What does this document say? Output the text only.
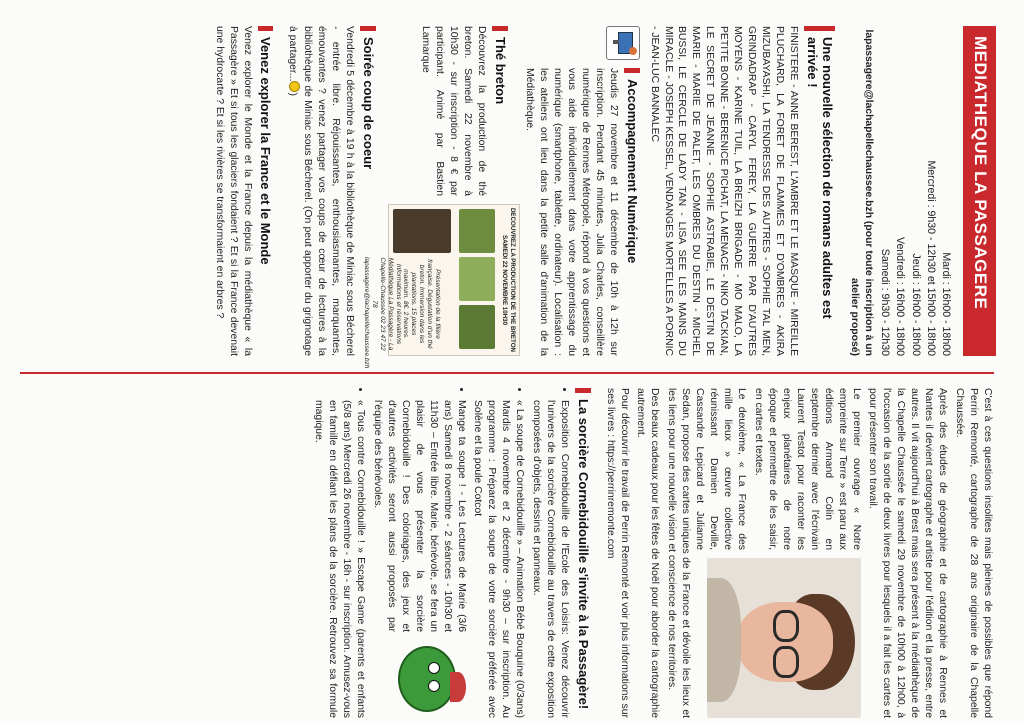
MEDIATHEQUE LA PASSAGERE
Mardi : 16h00 - 18h00
Mercredi : 9h30 - 12h30 et 15h00 - 18h00
Jeudi : 16h00 - 18h00
Vendredi : 16h00 - 18h00
Samedi : 9h30 - 12h30
lapassagere@lachapellechaussee.bzh (pour toute inscription à un atelier proposé)
Une nouvelle sélection de romans adultes est arrivée !

FINISTERE - ANNE BEREST, L'AMBRE ET LE MASQUE - MIREILLE PLUCHARD, LA FORET DE FLAMMES ET D'OMBRES - AKIRA MIZUBAYASHI, LA TENDRESSE DES AUTRES - SOPHIE TAL MEN, GRINDADRAP - CARYL FEREY, LA GUERRE PAR D'AUTRES MOYENS - KARINE TUIL, LA BREIZH BRIGADE - MO MALO, LA PETITE BONNE - BERENICE PICHAT, LA MENACE - NIKO TACKIAN, LE SECRET DE JEANNE - SOPHIE ASTRABIE, LE DESTIN DE MARIE - MARIE DE PALET, LES OMBRES DU DESTIN - MICHEL BUSSI, LE CERCLE DE LADY TAN - LISA SEE LES MAINS DU MIRACLE - JOSEPH KESSEL, VENDANGES MORTELLES A PORNIC - JEAN-LUC BANNALEC

Accompagnement Numérique

Jeudis 27 novembre et 11 décembre de 10h à 12h sur inscription. Pendant 45 minutes, Julia Charles, conseillère numérique de Rennes Métropole, répond à vos questions et vous aide individuellement dans votre apprentissage du numérique (smartphone, tablette, ordinateur). Localisation : les ateliers ont lieu dans la petite salle d'animation de la Médiathèque.

Thé breton

Découvrez la production de thé breton. Samedi 22 novembre à 10h30 - sur inscription - 8 € par participant. Animé par Bastien Lamarque

DECOUVREZ LA PRODUCTION DE THE BRETON SAMEDI 22 NOVEMBRE 10H30
Présentation de la filière française. Dégustation d'un thé breton. Immersion dans les plantations. 15 places maximum. 8€. 2 heures. Informations et réservations Médiathèque La Passagère - La Chapelle-Chaussée 02 23 47 22 78 lapassagere@lachapellechaussee.bzh
Soirée coup de coeur

Vendredi 5 décembre à 19 h à la bibliothèque de Miniac sous Bécherel - entrée libre. Réjouissantes, enthousiasmantes, marquantes, émouvantes ? venez partager vos coups de cœur de lectures à la bibliothèque de Miniac sous Bécherel. (On peut apporter du grignotage à partager...)

Venez explorer la France et le Monde

Venez explorer le Monde et la France depuis la médiathèque « la Passagère » Et si tous les glaciers fondaient ? Et si la France devenait une hydrocarte ? Et si les rivières se transformaient en arbres ?

C'est à ces questions insolites mais pleines de possibles que répond Perrin Remonté, cartographe de 28 ans originaire de la Chapelle Chaussée.

Après des études de géographie et de cartographie à Rennes et Nantes il devient cartographe et artiste pour l'édition et la presse, entre autres. Il vit aujourd'hui à Brest mais sera présent à la médiathèque de la Chapelle Chaussée le samedi 29 novembre de 10h00 à 12h00, à l'occasion de la sortie de deux livres pour lesquels il a fait les cartes et pour présenter son travail.

Le premier ouvrage « Notre empreinte sur Terre » est paru aux éditions Armand Colin en septembre dernier avec l'écrivain Laurent Testot pour raconter les enjeux planétaires de notre époque et permettre de les saisir, en cartes et textes.

Le deuxième, « La France des mille lieux » œuvre collective réunissant Damien Deville, Cassandre Lepicard et Julianne Sedan, propose des cartes uniques de la France et dévoile les lieux et les liens pour une nouvelle vision et conscience de nos territoires.

Des beaux cadeaux pour les fêtes de Noël pour aborder la cartographie autrement.

Pour découvrir le travail de Perrin Remonté et voir plus informations sur ses livres : https://perrinremonte.com

La sorcière Cornebidouille s'invite à la Passagère!
• Exposition Cornebidouille de l'Ecole des Loisirs: Venez découvrir l'univers de la sorcière Cornebidouille au travers de cette exposition composées d'objets, dessins et panneaux.
• « La soupe de Cornebidouille » – Animation Bébé Bouquine (0/3ans) Mardis 4 novembre et 2 décembre - 9h30 – sur inscription. Au programme : Préparez la soupe de votre sorcière préférée avec Solène et la poule Cotcot
• Mange ta soupe ! - Les Lectures de Marie (3/6 ans) Samedi 8 novembre - 2 séances - 10h30 et 11h30 – Entrée libre. Marie, bénévole, se fera un plaisir de vous présenter la sorcière Cornebidouille ! Des coloriages, des jeux et d'autres activités seront aussi proposés par l'équipe des bénévoles.
• « Tous contre Cornebidouille ! » Escape Game (parents et enfants (5/8 ans) Mercredi 26 novembre - 16h - sur inscription. Amusez-vous en famille en défiant les plans de la sorcière. Retrouvez sa formule magique.
